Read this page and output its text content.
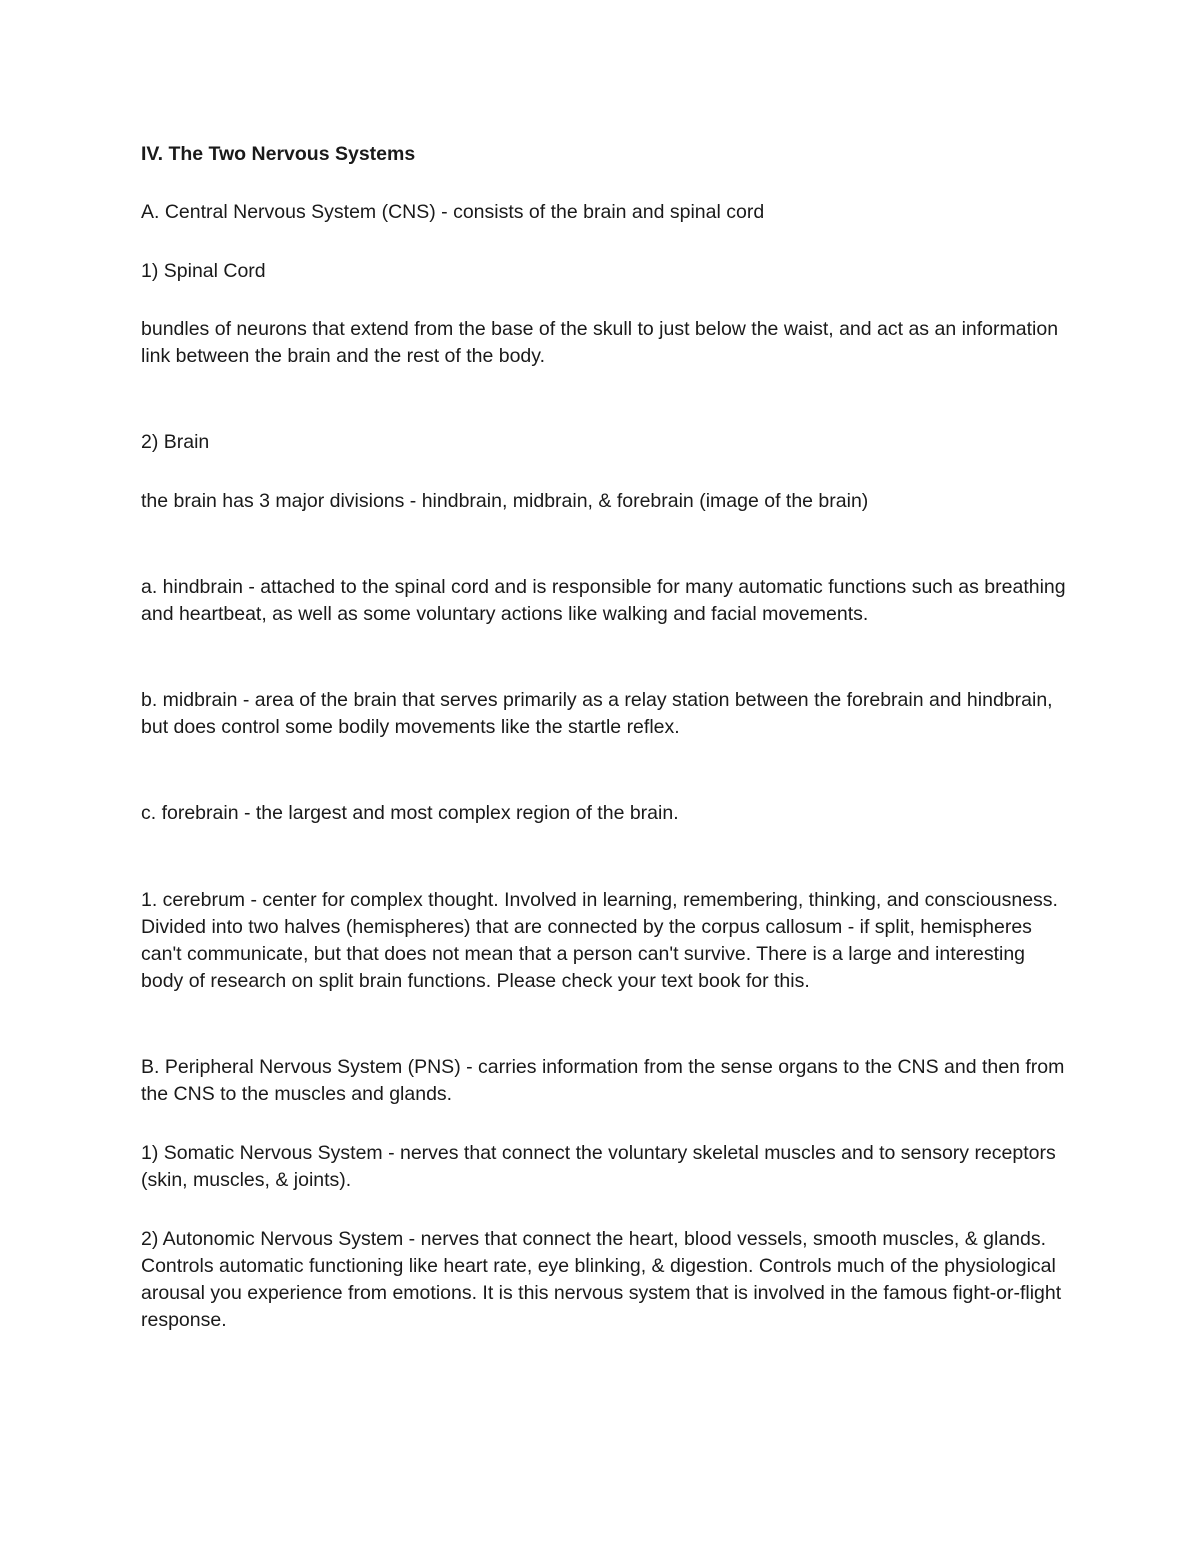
IV. The Two Nervous Systems

A. Central Nervous System (CNS) - consists of the brain and spinal cord

1) Spinal Cord

bundles of neurons that extend from the base of the skull to just below the waist, and act as an information link between the brain and the rest of the body.

2) Brain

the brain has 3 major divisions - hindbrain, midbrain, & forebrain (image of the brain)

a. hindbrain - attached to the spinal cord and is responsible for many automatic functions such as breathing and heartbeat, as well as some voluntary actions like walking and facial movements.

b. midbrain - area of the brain that serves primarily as a relay station between the forebrain and hindbrain, but does control some bodily movements like the startle reflex.

c. forebrain - the largest and most complex region of the brain.

1. cerebrum - center for complex thought. Involved in learning, remembering, thinking, and consciousness. Divided into two halves (hemispheres) that are connected by the corpus callosum - if split, hemispheres can't communicate, but that does not mean that a person can't survive. There is a large and interesting body of research on split brain functions. Please check your text book for this.

B. Peripheral Nervous System (PNS) - carries information from the sense organs to the CNS and then from the CNS to the muscles and glands.

1) Somatic Nervous System - nerves that connect the voluntary skeletal muscles and to sensory receptors (skin, muscles, & joints).

2) Autonomic Nervous System - nerves that connect the heart, blood vessels, smooth muscles, & glands. Controls automatic functioning like heart rate, eye blinking, & digestion. Controls much of the physiological arousal you experience from emotions. It is this nervous system that is involved in the famous fight-or-flight response.
